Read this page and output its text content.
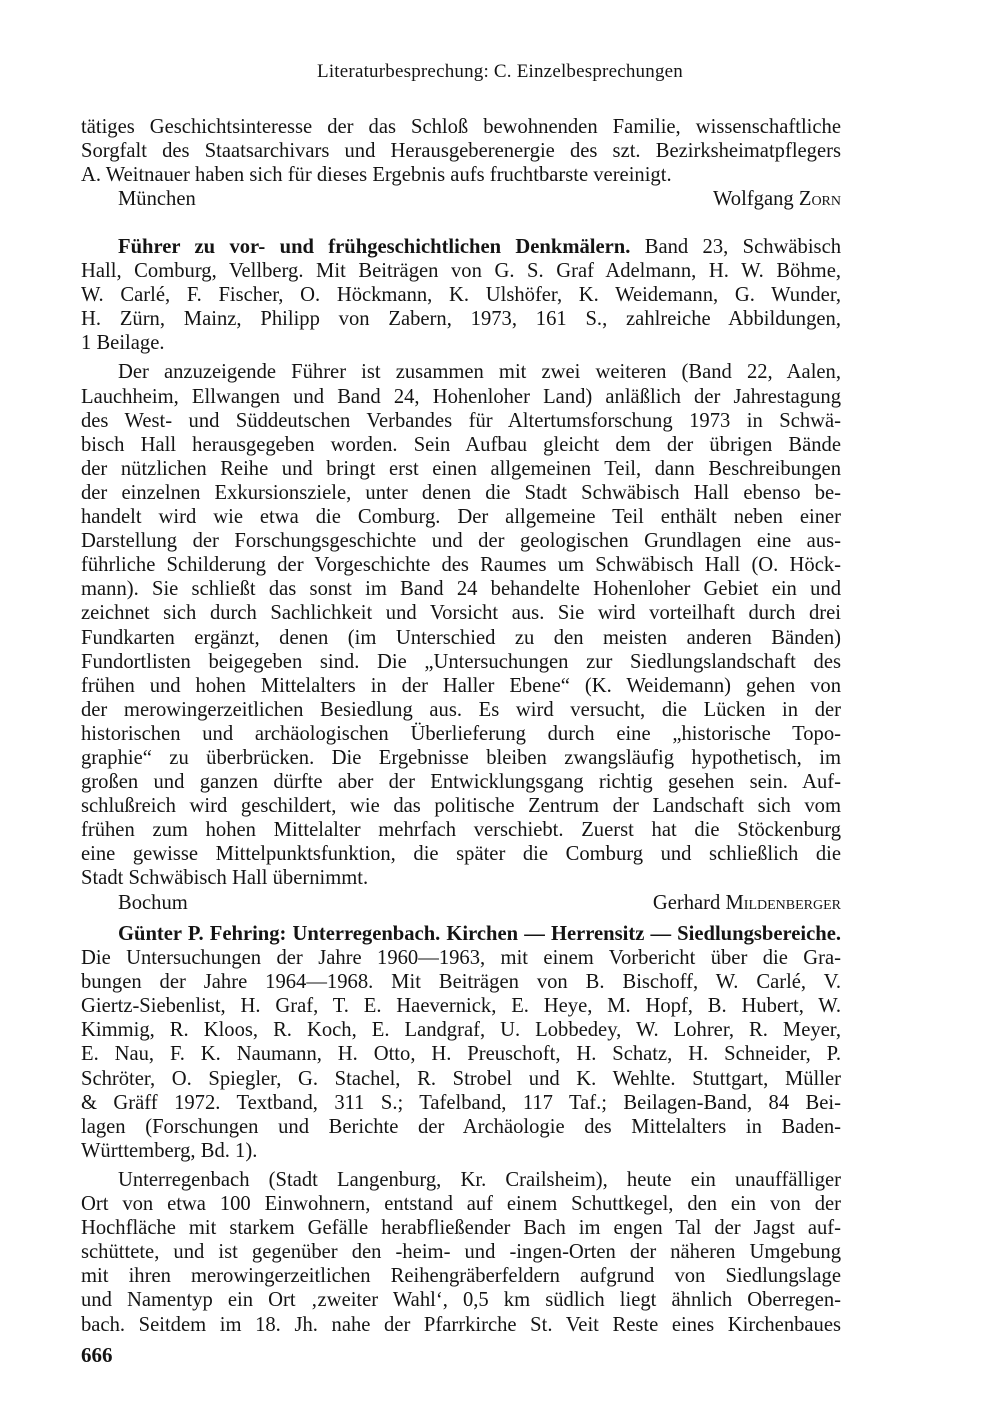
Literaturbesprechung: C. Einzelbesprechungen
tätiges Geschichtsinteresse der das Schloß bewohnenden Familie, wissenschaftliche
Sorgfalt des Staatsarchivars und Herausgeberenergie des szt. Bezirksheimatpflegers
A. Weitnauer haben sich für dieses Ergebnis aufs fruchtbarste vereinigt.
München	Wolfgang Zorn
Führer zu vor- und frühgeschichtlichen Denkmälern. Band 23, Schwäbisch
Hall, Comburg, Vellberg. Mit Beiträgen von G. S. Graf Adelmann, H. W. Böhme,
W. Carlé, F. Fischer, O. Höckmann, K. Ulshöfer, K. Weidemann, G. Wunder,
H. Zürn, Mainz, Philipp von Zabern, 1973, 161 S., zahlreiche Abbildungen,
1 Beilage.
Der anzuzeigende Führer ist zusammen mit zwei weiteren (Band 22, Aalen,
Lauchheim, Ellwangen und Band 24, Hohenloher Land) anläßlich der Jahrestagung
des West- und Süddeutschen Verbandes für Altertumsforschung 1973 in Schwä-
bisch Hall herausgegeben worden. Sein Aufbau gleicht dem der übrigen Bände
der nützlichen Reihe und bringt erst einen allgemeinen Teil, dann Beschreibungen
der einzelnen Exkursionsziele, unter denen die Stadt Schwäbisch Hall ebenso be-
handelt wird wie etwa die Comburg. Der allgemeine Teil enthält neben einer
Darstellung der Forschungsgeschichte und der geologischen Grundlagen eine aus-
führliche Schilderung der Vorgeschichte des Raumes um Schwäbisch Hall (O. Höck-
mann). Sie schließt das sonst im Band 24 behandelte Hohenloher Gebiet ein und
zeichnet sich durch Sachlichkeit und Vorsicht aus. Sie wird vorteilhaft durch drei
Fundkarten ergänzt, denen (im Unterschied zu den meisten anderen Bänden)
Fundortlisten beigegeben sind. Die „Untersuchungen zur Siedlungslandschaft des
frühen und hohen Mittelalters in der Haller Ebene“ (K. Weidemann) gehen von
der merowingerzeitlichen Besiedlung aus. Es wird versucht, die Lücken in der
historischen und archäologischen Überlieferung durch eine „historische Topo-
graphie“ zu überbrücken. Die Ergebnisse bleiben zwangsläufig hypothetisch, im
großen und ganzen dürfte aber der Entwicklungsgang richtig gesehen sein. Auf-
schlußreich wird geschildert, wie das politische Zentrum der Landschaft sich vom
frühen zum hohen Mittelalter mehrfach verschiebt. Zuerst hat die Stöckenburg
eine gewisse Mittelpunktsfunktion, die später die Comburg und schließlich die
Stadt Schwäbisch Hall übernimmt.
Bochum	Gerhard Mildenberger
Günter P. Fehring: Unterregenbach. Kirchen — Herrensitz — Siedlungsbereiche.
Die Untersuchungen der Jahre 1960—1963, mit einem Vorbericht über die Gra-
bungen der Jahre 1964—1968. Mit Beiträgen von B. Bischoff, W. Carlé, V.
Giertz-Siebenlist, H. Graf, T. E. Haevernick, E. Heye, M. Hopf, B. Hubert, W.
Kimmig, R. Kloos, R. Koch, E. Landgraf, U. Lobbedey, W. Lohrer, R. Meyer,
E. Nau, F. K. Naumann, H. Otto, H. Preuschoft, H. Schatz, H. Schneider, P.
Schröter, O. Spiegler, G. Stachel, R. Strobel und K. Wehlte. Stuttgart, Müller
& Gräff 1972. Textband, 311 S.; Tafelband, 117 Taf.; Beilagen-Band, 84 Bei-
lagen (Forschungen und Berichte der Archäologie des Mittelalters in Baden-
Württemberg, Bd. 1).
Unterregenbach (Stadt Langenburg, Kr. Crailsheim), heute ein unauffälliger
Ort von etwa 100 Einwohnern, entstand auf einem Schuttkegel, den ein von der
Hochfläche mit starkem Gefälle herabfließender Bach im engen Tal der Jagst auf-
schüttete, und ist gegenüber den -heim- und -ingen-Orten der näheren Umgebung
mit ihren merowingerzeitlichen Reihengräberfeldern aufgrund von Siedlungslage
und Namentyp ein Ort ‚zweiter Wahl‘, 0,5 km südlich liegt ähnlich Oberregen-
bach. Seitdem im 18. Jh. nahe der Pfarrkirche St. Veit Reste eines Kirchenbaues
666
